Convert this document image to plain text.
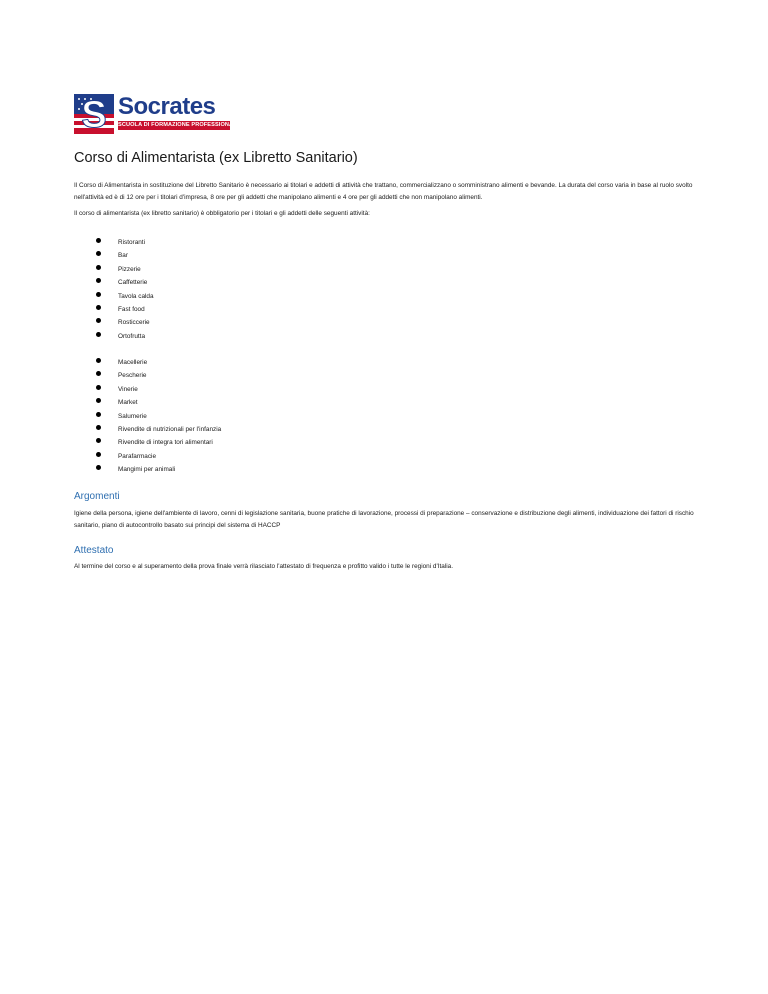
S Socrates
SCUOLA DI FORMAZIONE PROFESSIONALE
Corso di Alimentarista (ex Libretto Sanitario)

Il Corso di Alimentarista in sostituzione del Libretto Sanitario è necessario ai titolari e addetti di attività che trattano, commercializzano o somministrano alimenti e bevande. La durata del corso varia in base al ruolo svolto nell'attività ed è di 12 ore per i titolari d'impresa, 8 ore per gli addetti che manipolano alimenti e 4 ore per gli addetti che non manipolano alimenti.

Il corso di alimentarista (ex libretto sanitario) è obbligatorio per i titolari e gli addetti delle seguenti attività:

Ristoranti
Bar
Pizzerie
Caffetterie
Tavola calda
Fast food
Rosticcerie
Ortofrutta
Macellerie
Pescherie
Vinerie
Market
Salumerie
Rivendite di nutrizionali per l'infanzia
Rivendite di integra tori alimentari
Parafarmacie
Mangimi per animali
Argomenti

Igiene della persona, igiene dell'ambiente di lavoro, cenni di legislazione sanitaria, buone pratiche di lavorazione, processi di preparazione – conservazione e distribuzione degli alimenti, individuazione dei fattori di rischio sanitario, piano di autocontrollo basato sui principi del sistema di HACCP

Attestato

Al termine del corso e al superamento della prova finale verrà rilasciato l'attestato di frequenza e profitto valido i tutte le regioni d'Italia.
